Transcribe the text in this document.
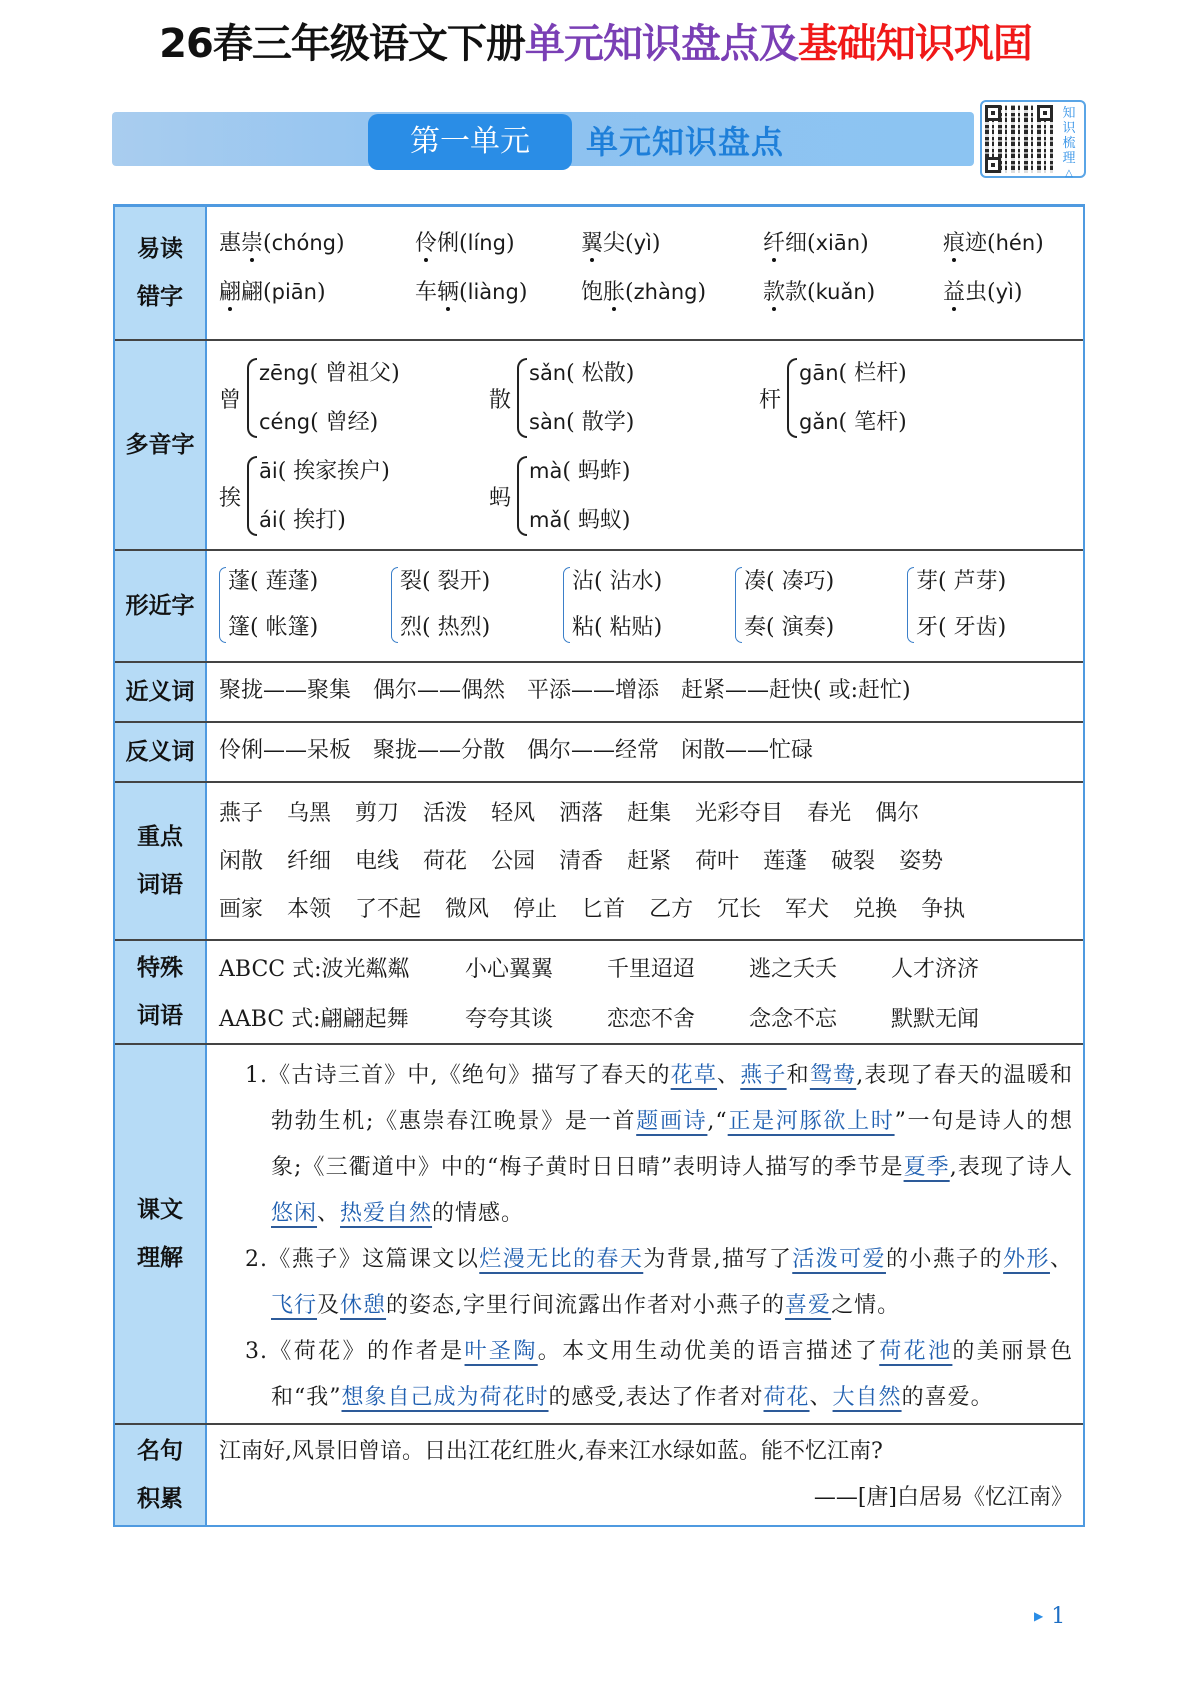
26春三年级语文下册单元知识盘点及基础知识巩固
第一单元	单元知识盘点
知
识
梳
理
△
易读
错字
惠崇(chóng)	伶俐(líng)	翼尖(yì)	纤细(xiān)	痕迹(hén)
翩翩(piān)	车辆(liàng)	饱胀(zhàng)	款款(kuǎn)	益虫(yì)
多音字
曾
zēng( 曾祖父)
céng( 曾经)
散
sǎn( 松散)
sàn( 散学)
杆
gān( 栏杆)
gǎn( 笔杆)
挨
āi( 挨家挨户)
ái( 挨打)
蚂
mà( 蚂蚱)
mǎ( 蚂蚁)
形近字
蓬( 莲蓬)
篷( 帐篷)
裂( 裂开)
烈( 热烈)
沾( 沾水)
粘( 粘贴)
凑( 凑巧)
奏( 演奏)
芽( 芦芽)
牙( 牙齿)
近义词	聚拢——聚集 偶尔——偶然 平添——增添 赶紧——赶快( 或:赶忙)
反义词	伶俐——呆板 聚拢——分散 偶尔——经常 闲散——忙碌
重点
词语
燕子 乌黑 剪刀 活泼 轻风 洒落 赶集 光彩夺目 春光 偶尔
闲散 纤细 电线 荷花 公园 清香 赶紧 荷叶 莲蓬 破裂 姿势
画家 本领 了不起 微风 停止 匕首 乙方 冗长 军犬 兑换 争执
特殊
词语
ABCC 式:波光粼粼	小心翼翼	千里迢迢	逃之夭夭	人才济济
AABC 式:翩翩起舞	夸夸其谈	恋恋不舍	念念不忘	默默无闻
课文
理解

1.《古诗三首》中,《绝句》描写了春天的花草、燕子和鸳鸯,表现了春天的温暖和勃勃生机;《惠崇春江晚景》是一首题画诗,“正是河豚欲上时”一句是诗人的想象;《三衢道中》中的“梅子黄时日日晴”表明诗人描写的季节是夏季,表现了诗人悠闲、热爱自然的情感。

2.《燕子》这篇课文以烂漫无比的春天为背景,描写了活泼可爱的小燕子的外形、飞行及休憩的姿态,字里行间流露出作者对小燕子的喜爱之情。

3.《荷花》的作者是叶圣陶。本文用生动优美的语言描述了荷花池的美丽景色和“我”想象自己成为荷花时的感受,表达了作者对荷花、大自然的喜爱。

名句
积累
江南好,风景旧曾谙。日出江花红胜火,春来江水绿如蓝。能不忆江南?
——[唐]白居易《忆江南》
▶ 1
